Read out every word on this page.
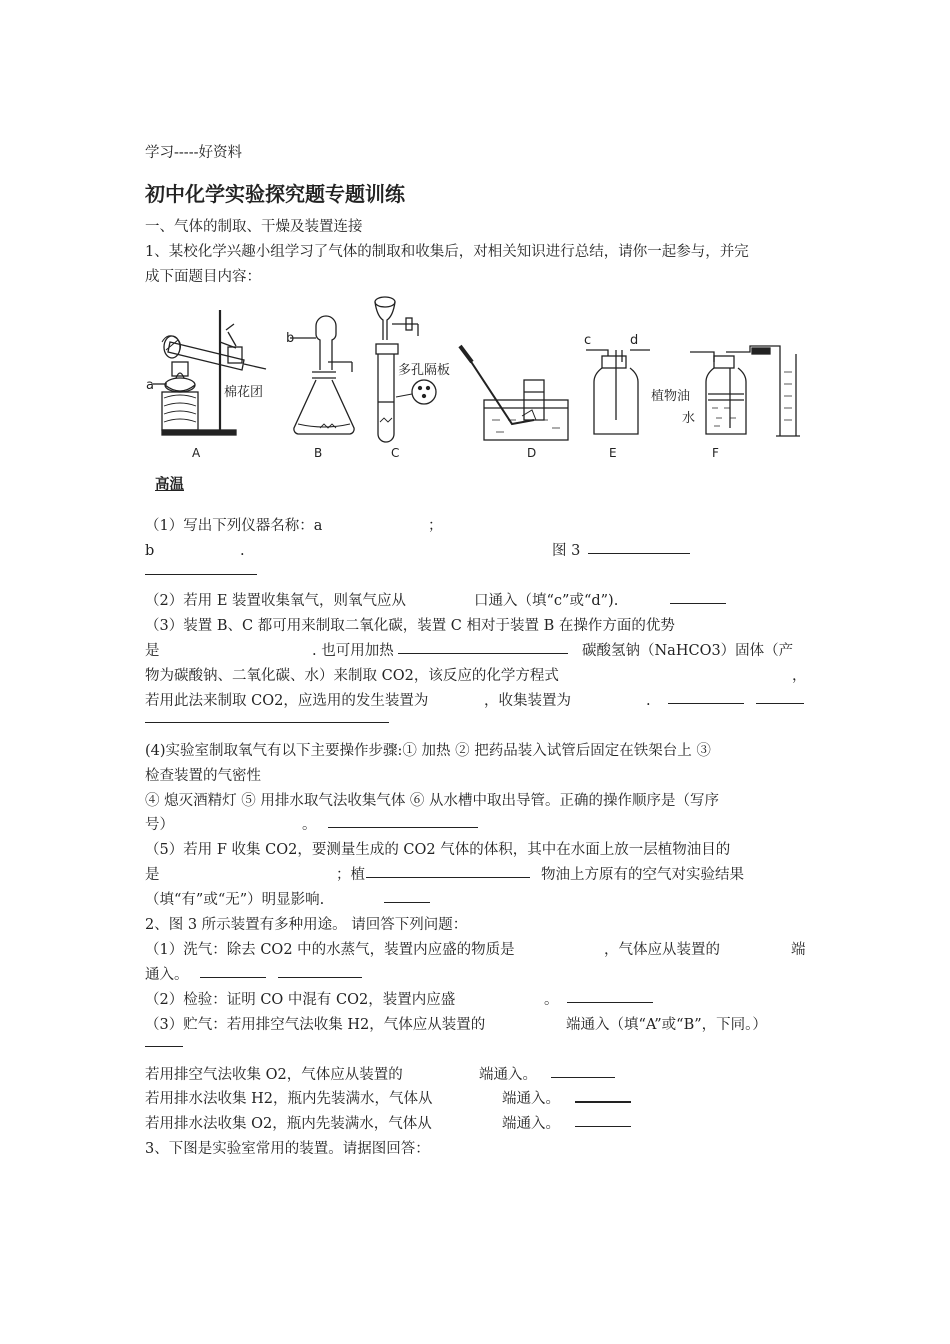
学习-----好资料
初中化学实验探究题专题训练
一、气体的制取、干燥及装置连接
1、某校化学兴趣小组学习了气体的制取和收集后，对相关知识进行总结，请你一起参与，并完
成下面题目内容：
a	棉花团
b
多孔隔板
c	d
植物油
水
A	B	C	D	E	F
高温
（1）写出下列仪器名称：a	；
b	.	图 3
（2）若用 E 装置收集氧气，则氧气应从	口通入（填“c”或“d”).
（3）装置 B、C 都可用来制取二氧化碳，装置 C 相对于装置 B 在操作方面的优势
是	. 也可用加热	碳酸氢钠（NaHCO3）固体（产
物为碳酸钠、二氧化碳、水）来制取 CO2，该反应的化学方程式	，
若用此法来制取 CO2，应选用的发生装置为	，收集装置为	.
(4)实验室制取氧气有以下主要操作步骤:① 加热 ② 把药品装入试管后固定在铁架台上 ③
检查装置的气密性
④ 熄灭酒精灯 ⑤ 用排水取气法收集气体 ⑥ 从水槽中取出导管。正确的操作顺序是（写序
号）	。
（5）若用 F 收集 CO2，要测量生成的 CO2 气体的体积，其中在水面上放一层植物油目的
是	；植	物油上方原有的空气对实验结果
（填“有”或“无”）明显影响.
2、图 3 所示装置有多种用途。 请回答下列问题：
（1）洗气：除去 CO2 中的水蒸气，装置内应盛的物质是	，气体应从装置的	端
通入。
（2）检验：证明 CO 中混有 CO2，装置内应盛	。
（3）贮气：若用排空气法收集 H2，气体应从装置的	端通入（填“A”或“B”，下同。）
若用排空气法收集 O2，气体应从装置的	端通入。
若用排水法收集 H2，瓶内先装满水，气体从	端通入。
若用排水法收集 O2，瓶内先装满水，气体从	端通入。
3、下图是实验室常用的装置。请据图回答：
